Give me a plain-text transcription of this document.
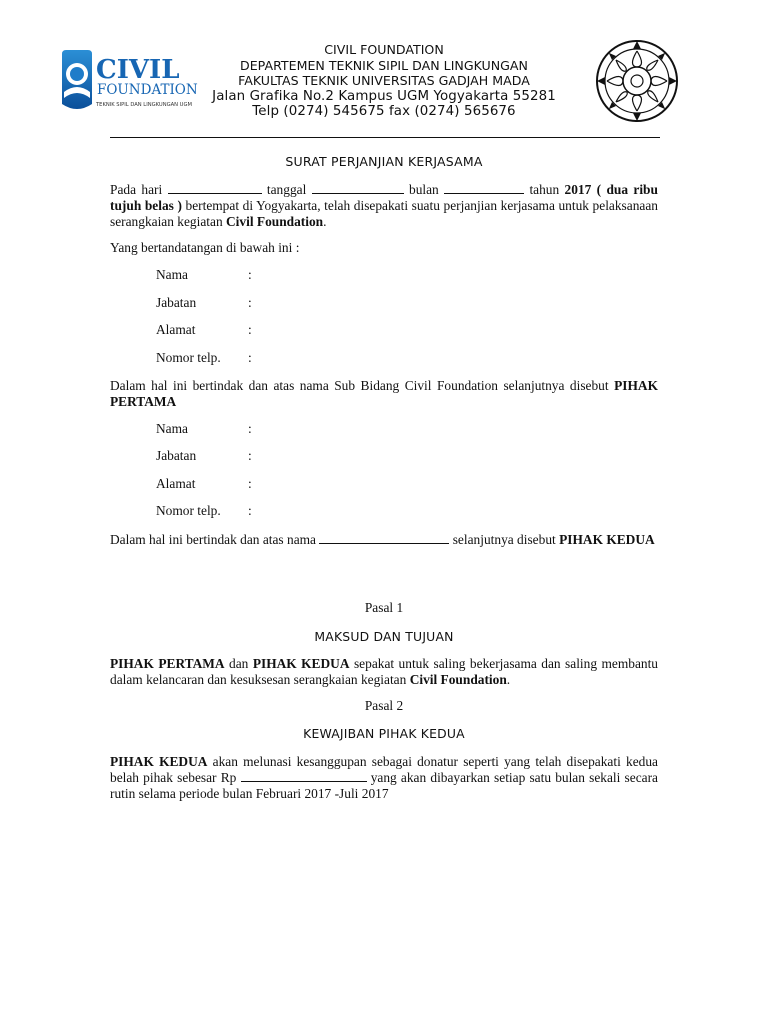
CIVIL
FOUNDATION
TEKNIK SIPIL DAN LINGKUNGAN UGM
CIVIL FOUNDATION
DEPARTEMEN TEKNIK SIPIL DAN LINGKUNGAN
FAKULTAS TEKNIK UNIVERSITAS GADJAH MADA
Jalan Grafika No.2 Kampus UGM Yogyakarta 55281
Telp (0274) 545675 fax (0274) 565676
SURAT PERJANJIAN KERJASAMA
Pada hari	tanggal	bulan	tahun 2017 ( dua ribu tujuh belas ) bertempat di Yogyakarta, telah disepakati suatu perjanjian kerjasama untuk pelaksanaan serangkaian kegiatan Civil Foundation.
Yang bertandatangan di bawah ini :
Nama	:
Jabatan	:
Alamat	:
Nomor telp. :
Dalam hal ini bertindak dan atas nama Sub Bidang Civil Foundation selanjutnya disebut PIHAK PERTAMA
Nama	:
Jabatan	:
Alamat	:
Nomor telp. :
Dalam hal ini bertindak dan atas nama	selanjutnya disebut PIHAK KEDUA
Pasal 1
MAKSUD DAN TUJUAN
PIHAK PERTAMA dan PIHAK KEDUA sepakat untuk saling bekerjasama dan saling membantu dalam kelancaran dan kesuksesan serangkaian kegiatan Civil Foundation.
Pasal 2
KEWAJIBAN PIHAK KEDUA
PIHAK KEDUA akan melunasi kesanggupan sebagai donatur seperti yang telah disepakati kedua belah pihak sebesar Rp	yang akan dibayarkan setiap satu bulan sekali secara rutin selama periode bulan Februari 2017 -Juli 2017
